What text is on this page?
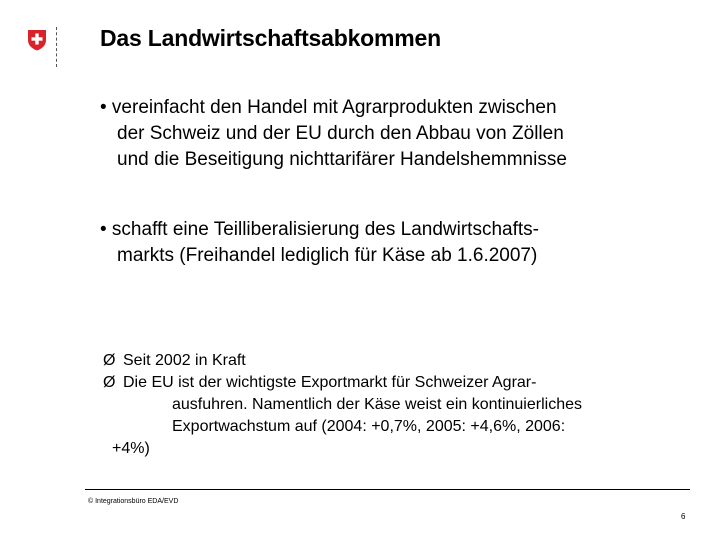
Das Landwirtschaftsabkommen
• vereinfacht den Handel mit Agrarprodukten zwischen
der Schweiz und der EU durch den Abbau von Zöllen
und die Beseitigung nichttarifärer Handelshemmnisse
• schafft eine Teilliberalisierung des Landwirtschafts-
markts (Freihandel lediglich für Käse ab 1.6.2007)
Ø Seit 2002 in Kraft
Ø Die EU ist der wichtigste Exportmarkt für Schweizer Agrar-
ausfuhren. Namentlich der Käse weist ein kontinuierliches
Exportwachstum auf (2004: +0,7%, 2005: +4,6%, 2006:
+4%)
© Integrationsbüro EDA/EVD
6
